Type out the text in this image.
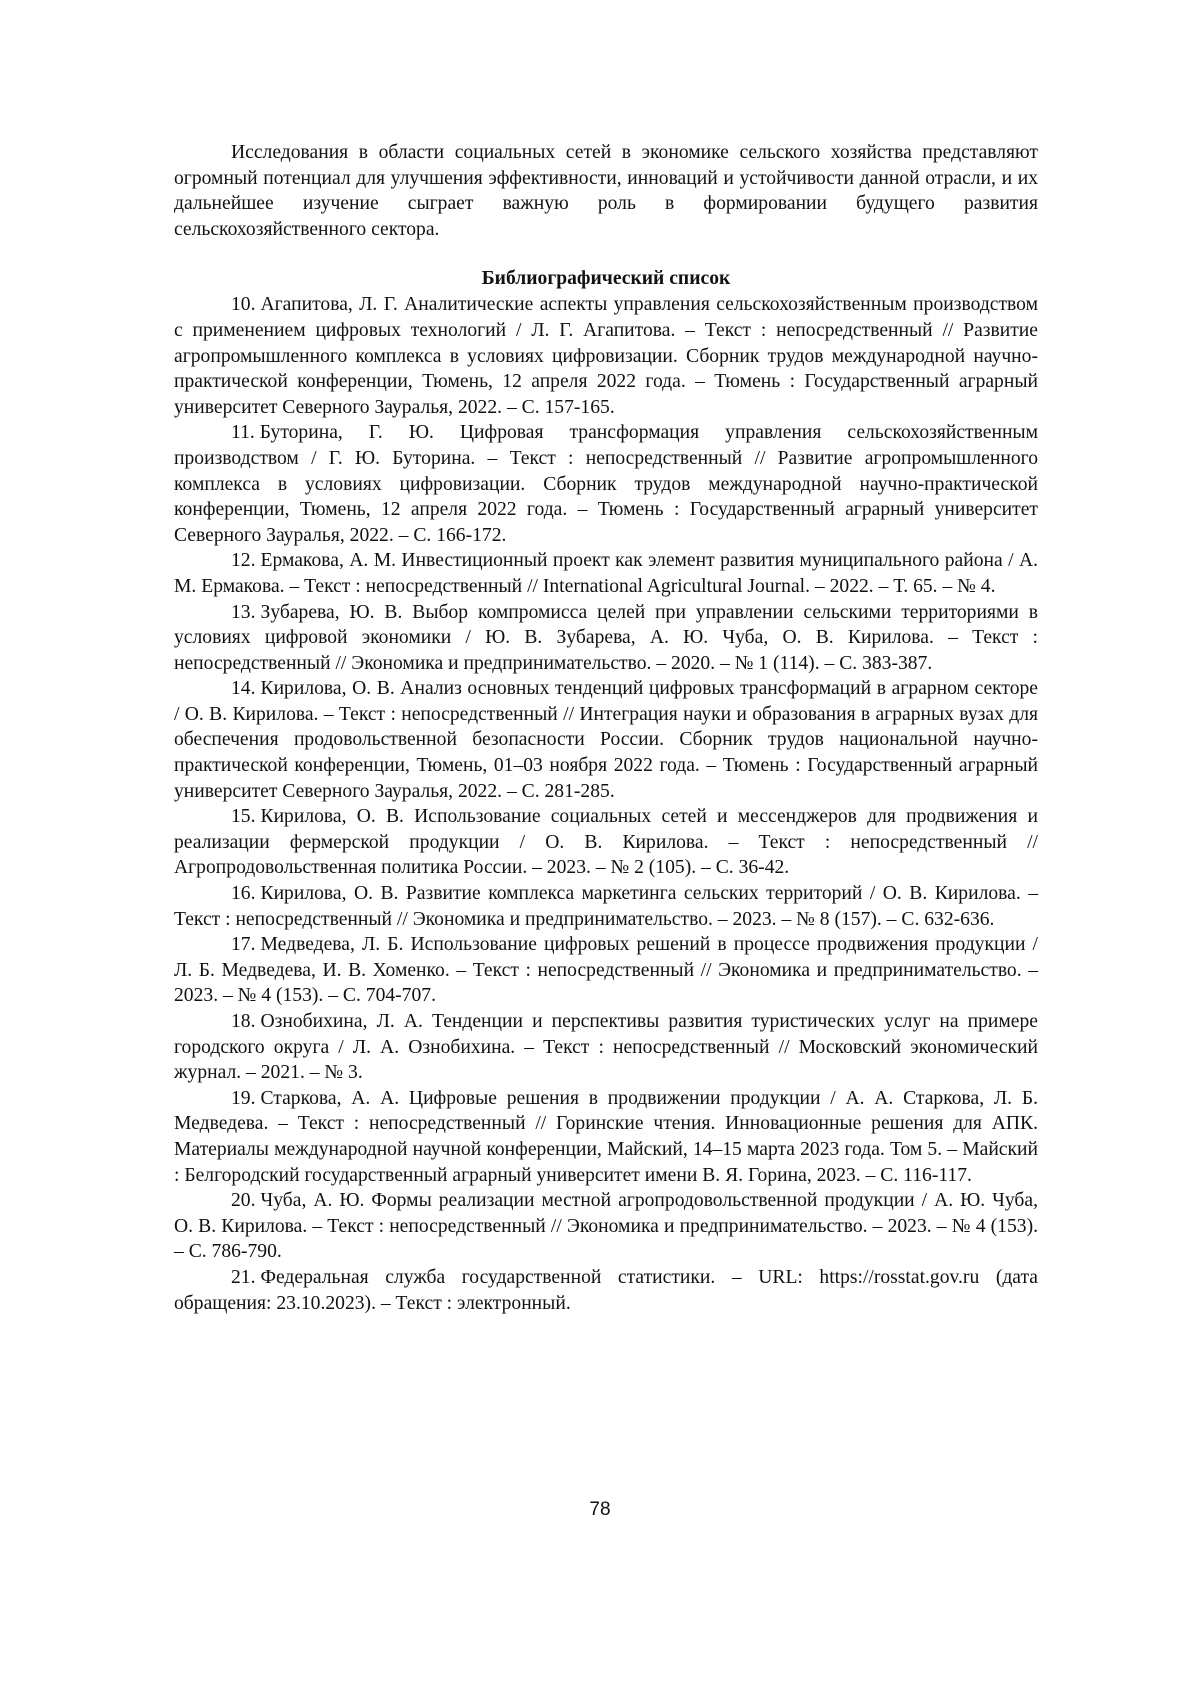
Исследования в области социальных сетей в экономике сельского хозяйства представляют огромный потенциал для улучшения эффективности, инноваций и устойчивости данной отрасли, и их дальнейшее изучение сыграет важную роль в формировании будущего развития сельскохозяйственного сектора.

Библиографический список
10. Агапитова, Л. Г. Аналитические аспекты управления сельскохозяйственным производством с применением цифровых технологий / Л. Г. Агапитова. – Текст : непосредственный // Развитие агропромышленного комплекса в условиях цифровизации. Сборник трудов международной научно-практической конференции, Тюмень, 12 апреля 2022 года. – Тюмень : Государственный аграрный университет Северного Зауралья, 2022. – С. 157-165.
11. Буторина, Г. Ю. Цифровая трансформация управления сельскохозяйственным производством / Г. Ю. Буторина. – Текст : непосредственный // Развитие агропромышленного комплекса в условиях цифровизации. Сборник трудов международной научно-практической конференции, Тюмень, 12 апреля 2022 года. – Тюмень : Государственный аграрный университет Северного Зауралья, 2022. – С. 166-172.
12. Ермакова, А. М. Инвестиционный проект как элемент развития муниципального района / А. М. Ермакова. – Текст : непосредственный // International Agricultural Journal. – 2022. – Т. 65. – № 4.
13. Зубарева, Ю. В. Выбор компромисса целей при управлении сельскими территориями в условиях цифровой экономики / Ю. В. Зубарева, А. Ю. Чуба, О. В. Кирилова. – Текст : непосредственный // Экономика и предпринимательство. – 2020. – № 1 (114). – С. 383-387.
14. Кирилова, О. В. Анализ основных тенденций цифровых трансформаций в аграрном секторе / О. В. Кирилова. – Текст : непосредственный // Интеграция науки и образования в аграрных вузах для обеспечения продовольственной безопасности России. Сборник трудов национальной научно-практической конференции, Тюмень, 01–03 ноября 2022 года. – Тюмень : Государственный аграрный университет Северного Зауралья, 2022. – С. 281-285.
15. Кирилова, О. В. Использование социальных сетей и мессенджеров для продвижения и реализации фермерской продукции / О. В. Кирилова. – Текст : непосредственный // Агропродовольственная политика России. – 2023. – № 2 (105). – С. 36-42.
16. Кирилова, О. В. Развитие комплекса маркетинга сельских территорий / О. В. Кирилова. – Текст : непосредственный // Экономика и предпринимательство. – 2023. – № 8 (157). – С. 632-636.
17. Медведева, Л. Б. Использование цифровых решений в процессе продвижения продукции / Л. Б. Медведева, И. В. Хоменко. – Текст : непосредственный // Экономика и предпринимательство. – 2023. – № 4 (153). – С. 704-707.
18. Ознобихина, Л. А. Тенденции и перспективы развития туристических услуг на примере городского округа / Л. А. Ознобихина. – Текст : непосредственный // Московский экономический журнал. – 2021. – № 3.
19. Старкова, А. А. Цифровые решения в продвижении продукции / А. А. Старкова, Л. Б. Медведева. – Текст : непосредственный // Горинские чтения. Инновационные решения для АПК. Материалы международной научной конференции, Майский, 14–15 марта 2023 года. Том 5. – Майский : Белгородский государственный аграрный университет имени В. Я. Горина, 2023. – С. 116-117.
20. Чуба, А. Ю. Формы реализации местной агропродовольственной продукции / А. Ю. Чуба, О. В. Кирилова. – Текст : непосредственный // Экономика и предпринимательство. – 2023. – № 4 (153). – С. 786-790.
21. Федеральная служба государственной статистики. – URL: https://rosstat.gov.ru (дата обращения: 23.10.2023). – Текст : электронный.
78
